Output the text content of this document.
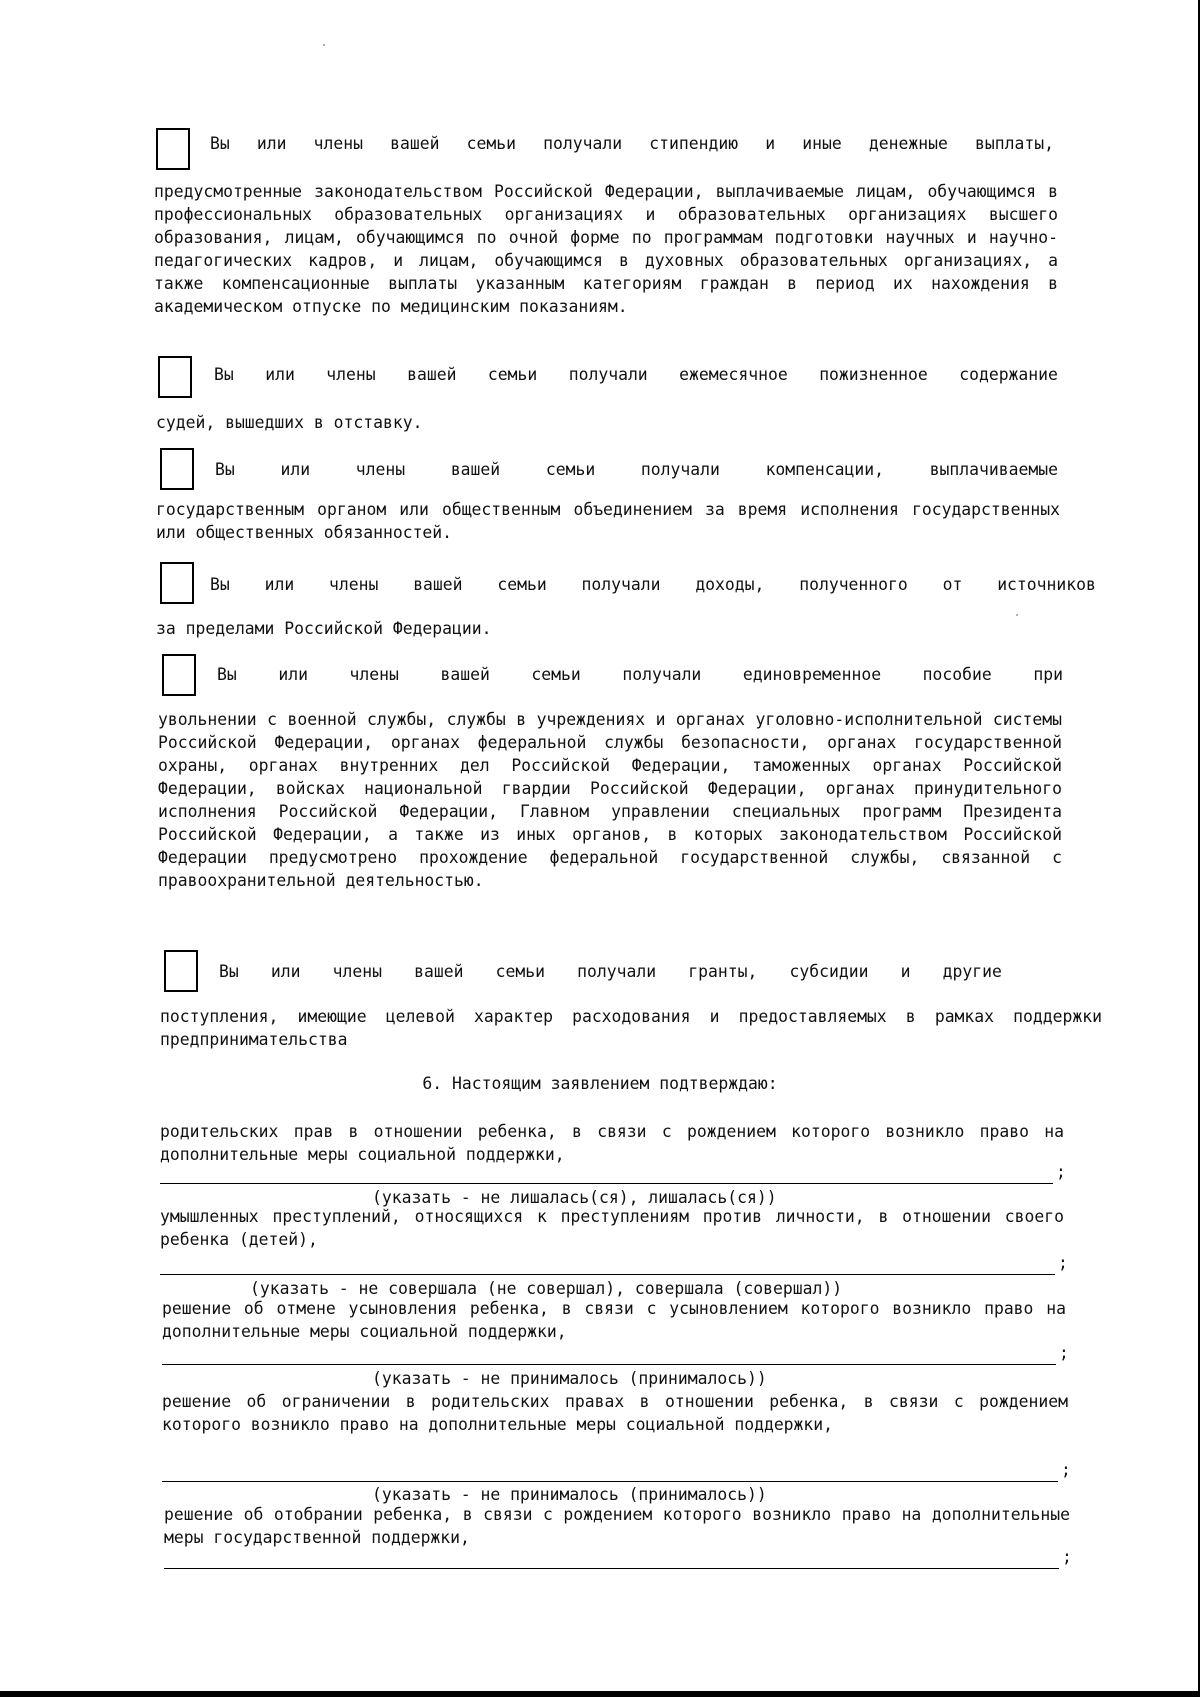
Вы или члены вашей семьи получали стипендию и иные денежные выплаты,

предусмотренные законодательством Российской Федерации, выплачиваемые лицам, обучающимся в профессиональных образовательных организациях и образовательных организациях высшего образования, лицам, обучающимся по очной форме по программам подготовки научных и научно-педагогических кадров, и лицам, обучающимся в духовных образовательных организациях, а также компенсационные выплаты указанным категориям граждан в период их нахождения в академическом отпуске по медицинским показаниям.

Вы или члены вашей семьи получали ежемесячное пожизненное содержание

судей, вышедших в отставку.

Вы	или	члены	вашей	семьи	получали	компенсации,	выплачиваемые

государственным органом или общественным объединением за время исполнения государственных или общественных обязанностей.

Вы или члены вашей семьи получали доходы, полученного от источников

за пределами Российской Федерации.

Вы	или	члены	вашей	семьи	получали	единовременное	пособие	при

увольнении с военной службы, службы в учреждениях и органах уголовно-исполнительной системы Российской Федерации, органах федеральной службы безопасности, органах государственной охраны, органах внутренних дел Российской Федерации, таможенных органах Российской Федерации, войсках национальной гвардии Российской Федерации, органах принудительного исполнения Российской Федерации, Главном управлении специальных программ Президента Российской Федерации, а также из иных органов, в которых законодательством Российской Федерации предусмотрено прохождение федеральной государственной службы, связанной с правоохранительной деятельностью.

Вы или члены вашей семьи получали гранты, субсидии и другие

поступления, имеющие целевой характер расходования и предоставляемых в рамках поддержки предпринимательства

6. Настоящим заявлением подтверждаю:

родительских прав в отношении ребенка, в связи с рождением которого возникло право на дополнительные меры социальной поддержки,

;

(указать - не лишалась(ся), лишалась(ся))

умышленных преступлений, относящихся к преступлениям против личности, в отношении своего ребенка (детей),

;

(указать - не совершала (не совершал), совершала (совершал))

решение об отмене усыновления ребенка, в связи с усыновлением которого возникло право на дополнительные меры социальной поддержки,

;

(указать - не принималось (принималось))

решение об ограничении в родительских правах в отношении ребенка, в связи с рождением которого возникло право на дополнительные меры социальной поддержки,

;

(указать - не принималось (принималось))

решение об отобрании ребенка, в связи с рождением которого возникло право на дополнительные меры государственной поддержки,

;
